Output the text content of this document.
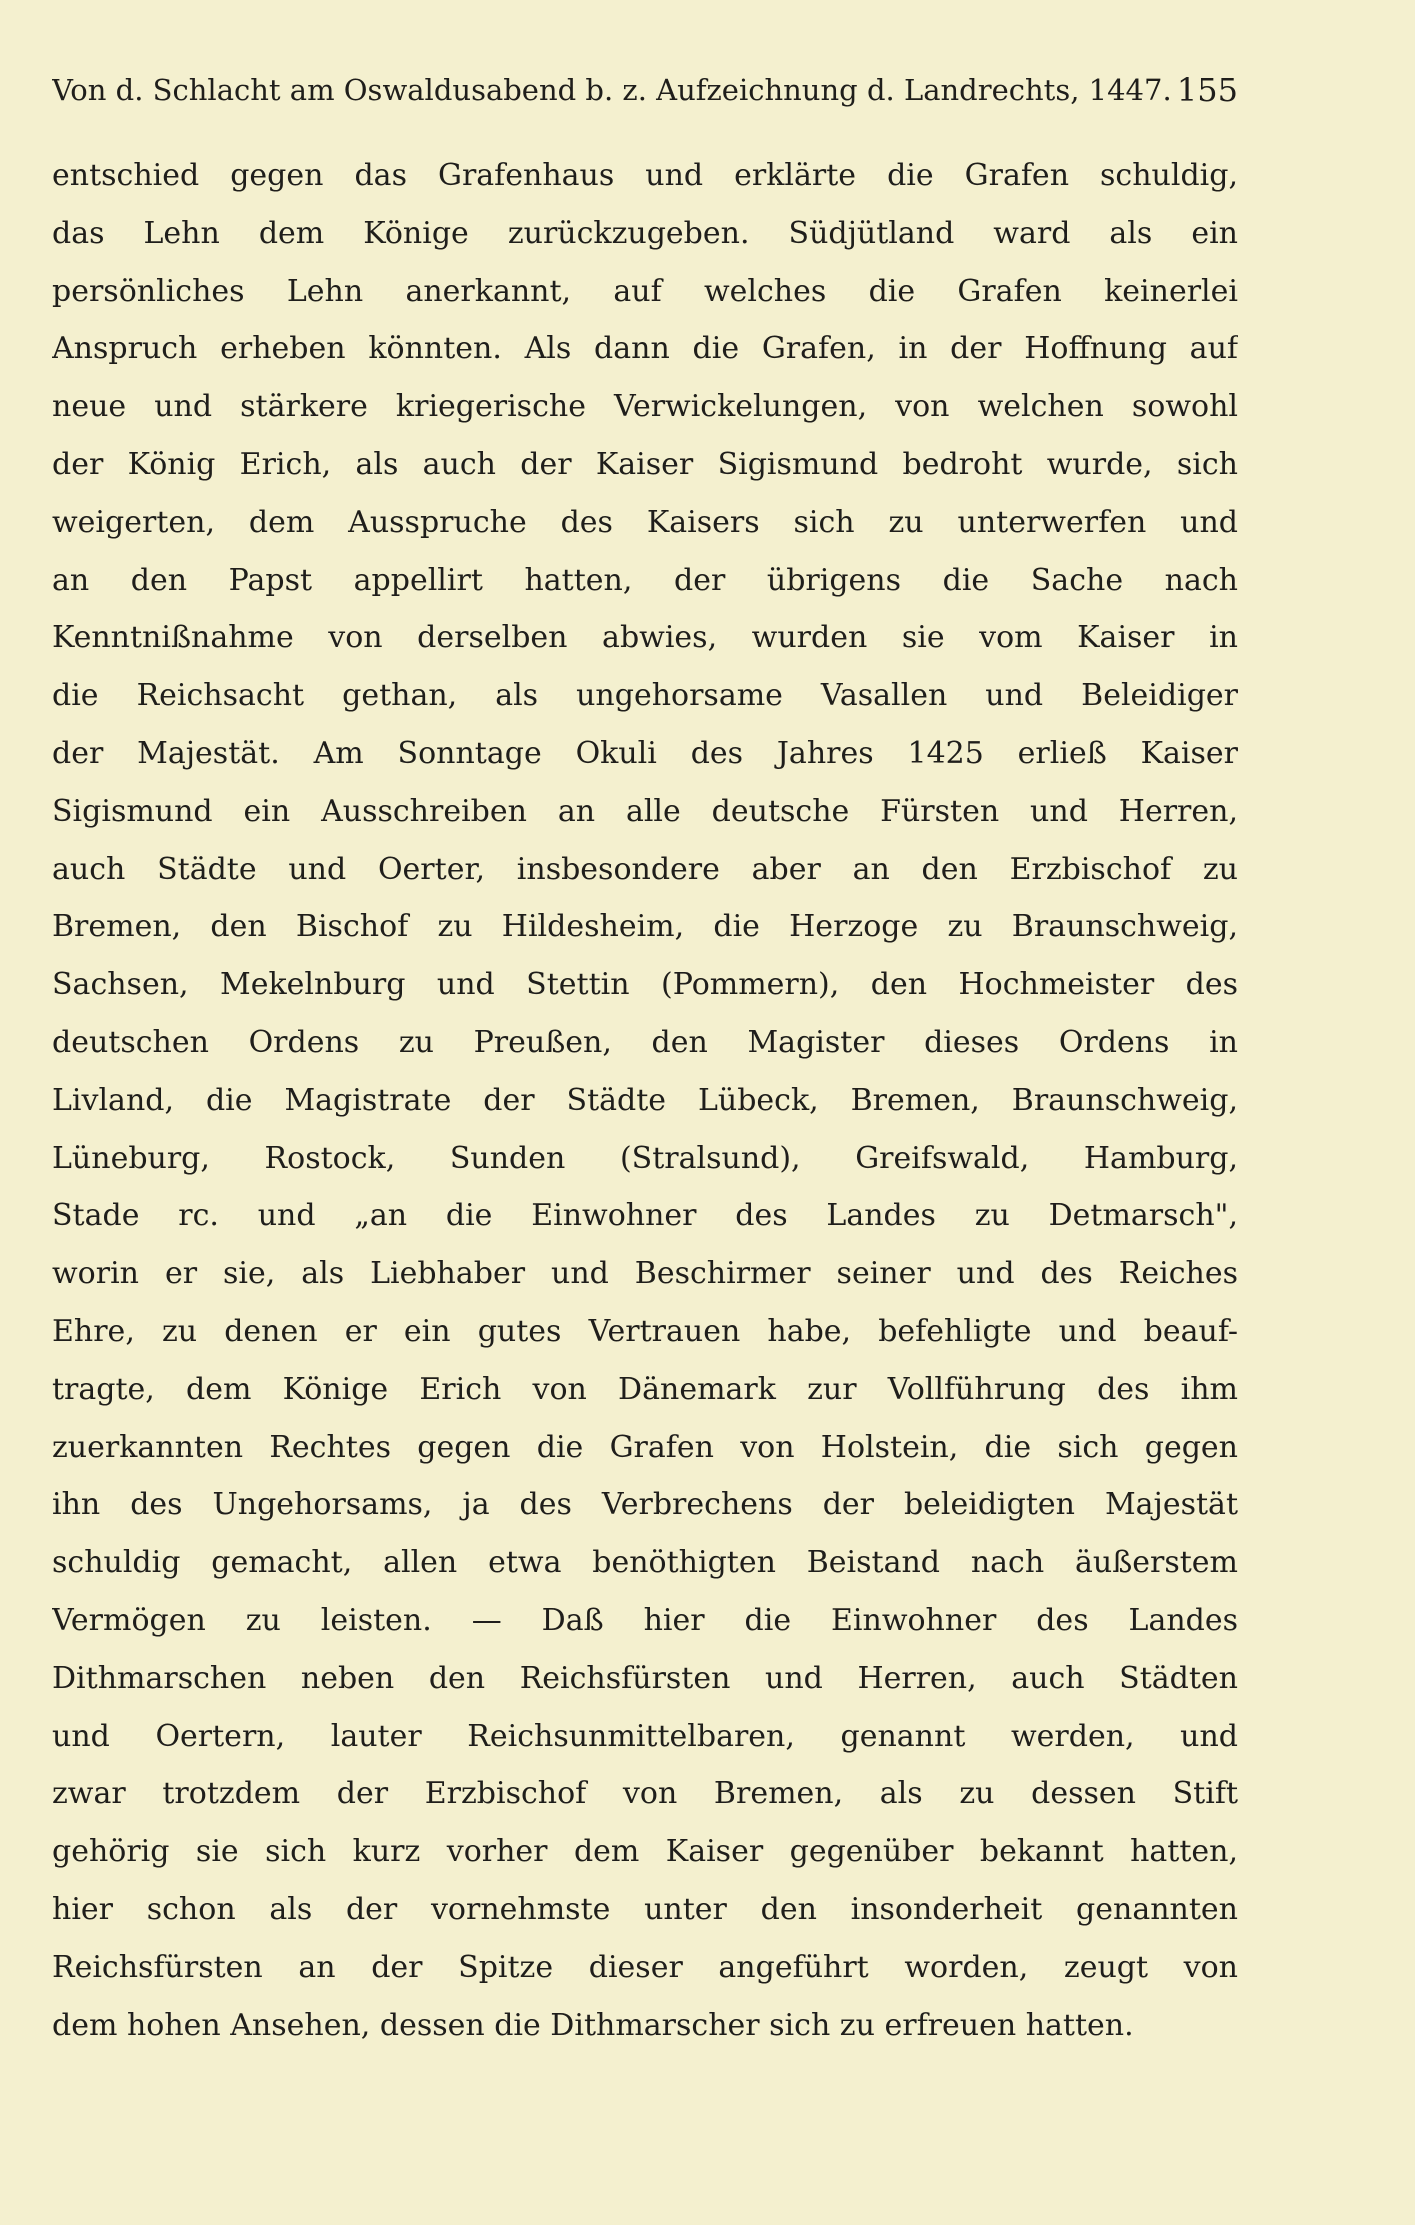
Von d. Schlacht am Oswaldusabend b. z. Aufzeichnung d. Landrechts, 1447. 155
entschied gegen das Grafenhaus und erklärte die Grafen schuldig,
das Lehn dem Könige zurückzugeben. Südjütland ward als ein
persönliches Lehn anerkannt, auf welches die Grafen keinerlei
Anspruch erheben könnten. Als dann die Grafen, in der Hoffnung auf
neue und stärkere kriegerische Verwickelungen, von welchen sowohl
der König Erich, als auch der Kaiser Sigismund bedroht wurde, sich
weigerten, dem Ausspruche des Kaisers sich zu unterwerfen und
an den Papst appellirt hatten, der übrigens die Sache nach
Kenntnißnahme von derselben abwies, wurden sie vom Kaiser in
die Reichsacht gethan, als ungehorsame Vasallen und Beleidiger
der Majestät. Am Sonntage Okuli des Jahres 1425 erließ Kaiser
Sigismund ein Ausschreiben an alle deutsche Fürsten und Herren,
auch Städte und Oerter, insbesondere aber an den Erzbischof zu
Bremen, den Bischof zu Hildesheim, die Herzoge zu Braunschweig,
Sachsen, Mekelnburg und Stettin (Pommern), den Hochmeister des
deutschen Ordens zu Preußen, den Magister dieses Ordens in
Livland, die Magistrate der Städte Lübeck, Bremen, Braunschweig,
Lüneburg, Rostock, Sunden (Stralsund), Greifswald, Hamburg,
Stade rc. und „an die Einwohner des Landes zu Detmarsch",
worin er sie, als Liebhaber und Beschirmer seiner und des Reiches
Ehre, zu denen er ein gutes Vertrauen habe, befehligte und beauf-
tragte, dem Könige Erich von Dänemark zur Vollführung des ihm
zuerkannten Rechtes gegen die Grafen von Holstein, die sich gegen
ihn des Ungehorsams, ja des Verbrechens der beleidigten Majestät
schuldig gemacht, allen etwa benöthigten Beistand nach äußerstem
Vermögen zu leisten. — Daß hier die Einwohner des Landes
Dithmarschen neben den Reichsfürsten und Herren, auch Städten
und Oertern, lauter Reichsunmittelbaren, genannt werden, und
zwar trotzdem der Erzbischof von Bremen, als zu dessen Stift
gehörig sie sich kurz vorher dem Kaiser gegenüber bekannt hatten,
hier schon als der vornehmste unter den insonderheit genannten
Reichsfürsten an der Spitze dieser angeführt worden, zeugt von
dem hohen Ansehen, dessen die Dithmarscher sich zu erfreuen hatten.
